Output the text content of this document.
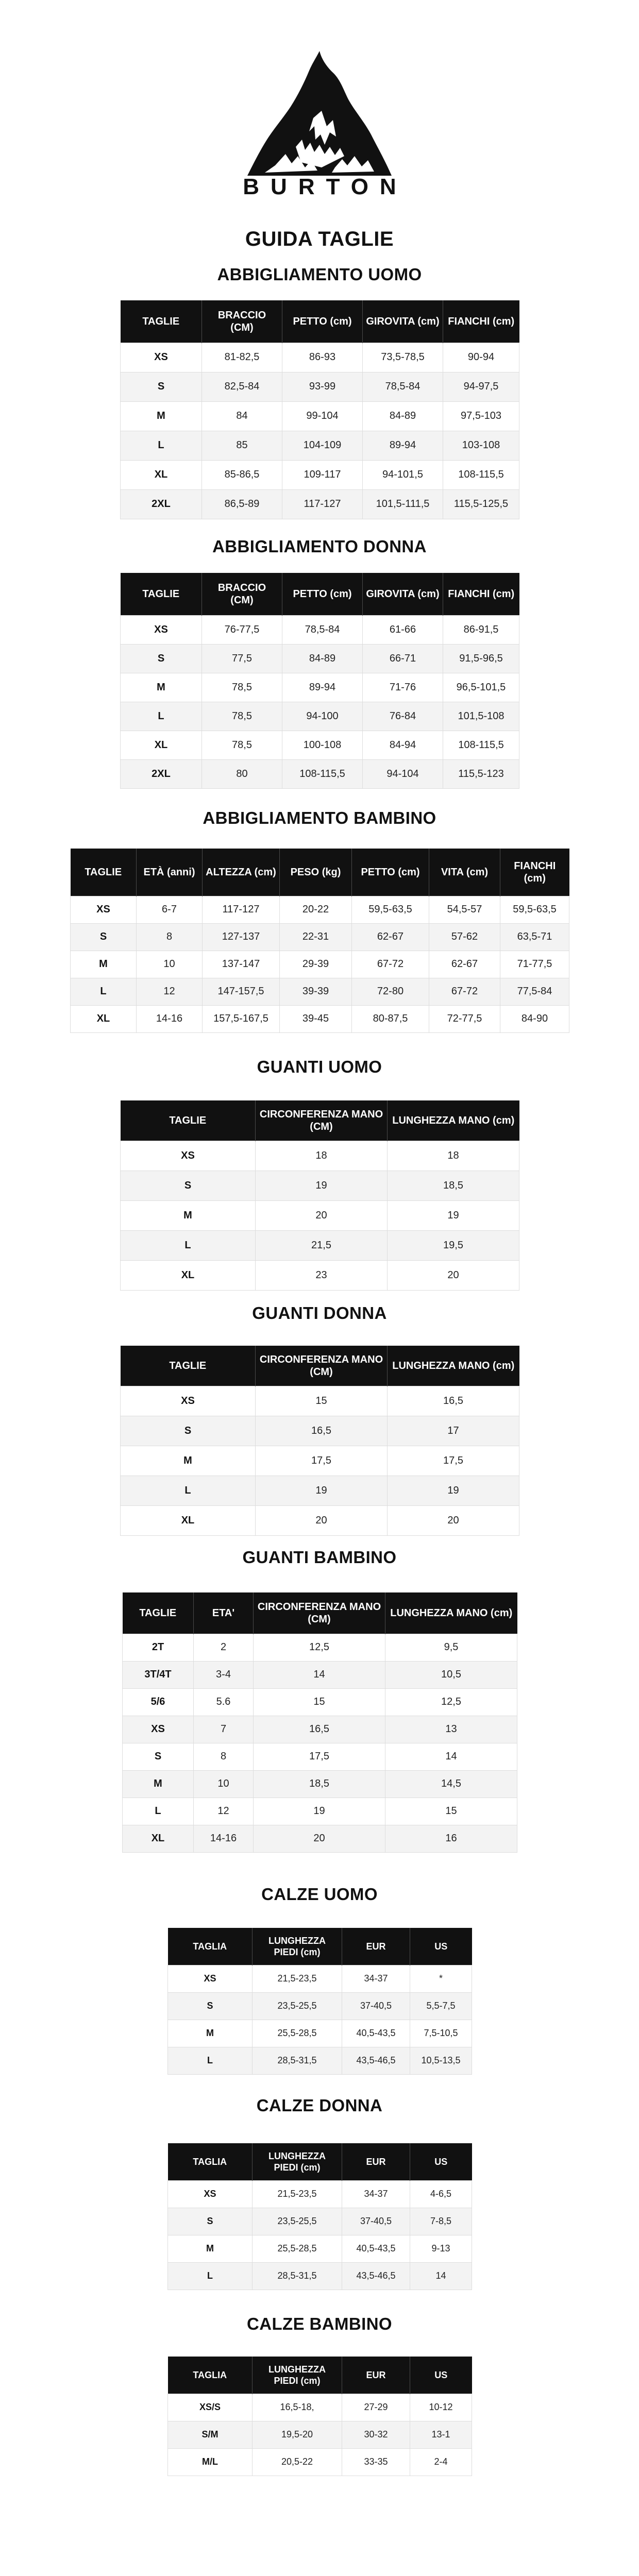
BURTON
GUIDA TAGLIE
ABBIGLIAMENTO UOMO
TAGLIE	BRACCIO (CM)	PETTO (cm)	GIROVITA (cm)	FIANCHI (cm)
XS	81-82,5	86-93	73,5-78,5	90-94
S	82,5-84	93-99	78,5-84	94-97,5
M	84	99-104	84-89	97,5-103
L	85	104-109	89-94	103-108
XL	85-86,5	109-117	94-101,5	108-115,5
2XL	86,5-89	117-127	101,5-111,5	115,5-125,5
ABBIGLIAMENTO DONNA
TAGLIE	BRACCIO (CM)	PETTO (cm)	GIROVITA (cm)	FIANCHI (cm)
XS	76-77,5	78,5-84	61-66	86-91,5
S	77,5	84-89	66-71	91,5-96,5
M	78,5	89-94	71-76	96,5-101,5
L	78,5	94-100	76-84	101,5-108
XL	78,5	100-108	84-94	108-115,5
2XL	80	108-115,5	94-104	115,5-123
ABBIGLIAMENTO BAMBINO
TAGLIE	ETÀ (anni)	ALTEZZA (cm)	PESO (kg)	PETTO (cm)	VITA (cm)	FIANCHI (cm)
XS	6-7	117-127	20-22	59,5-63,5	54,5-57	59,5-63,5
S	8	127-137	22-31	62-67	57-62	63,5-71
M	10	137-147	29-39	67-72	62-67	71-77,5
L	12	147-157,5	39-39	72-80	67-72	77,5-84
XL	14-16	157,5-167,5	39-45	80-87,5	72-77,5	84-90
GUANTI UOMO
TAGLIE	CIRCONFERENZA MANO (CM)	LUNGHEZZA MANO (cm)
XS	18	18
S	19	18,5
M	20	19
L	21,5	19,5
XL	23	20
GUANTI DONNA
TAGLIE	CIRCONFERENZA MANO (CM)	LUNGHEZZA MANO (cm)
XS	15	16,5
S	16,5	17
M	17,5	17,5
L	19	19
XL	20	20
GUANTI BAMBINO
TAGLIE	ETA'	CIRCONFERENZA MANO (CM)	LUNGHEZZA MANO (cm)
2T	2	12,5	9,5
3T/4T	3-4	14	10,5
5/6	5.6	15	12,5
XS	7	16,5	13
S	8	17,5	14
M	10	18,5	14,5
L	12	19	15
XL	14-16	20	16
CALZE UOMO
TAGLIA	LUNGHEZZA PIEDI (cm)	EUR	US
XS	21,5-23,5	34-37	*
S	23,5-25,5	37-40,5	5,5-7,5
M	25,5-28,5	40,5-43,5	7,5-10,5
L	28,5-31,5	43,5-46,5	10,5-13,5
CALZE DONNA
TAGLIA	LUNGHEZZA PIEDI (cm)	EUR	US
XS	21,5-23,5	34-37	4-6,5
S	23,5-25,5	37-40,5	7-8,5
M	25,5-28,5	40,5-43,5	9-13
L	28,5-31,5	43,5-46,5	14
CALZE BAMBINO
TAGLIA	LUNGHEZZA PIEDI (cm)	EUR	US
XS/S	16,5-18,	27-29	10-12
S/M	19,5-20	30-32	13-1
M/L	20,5-22	33-35	2-4
